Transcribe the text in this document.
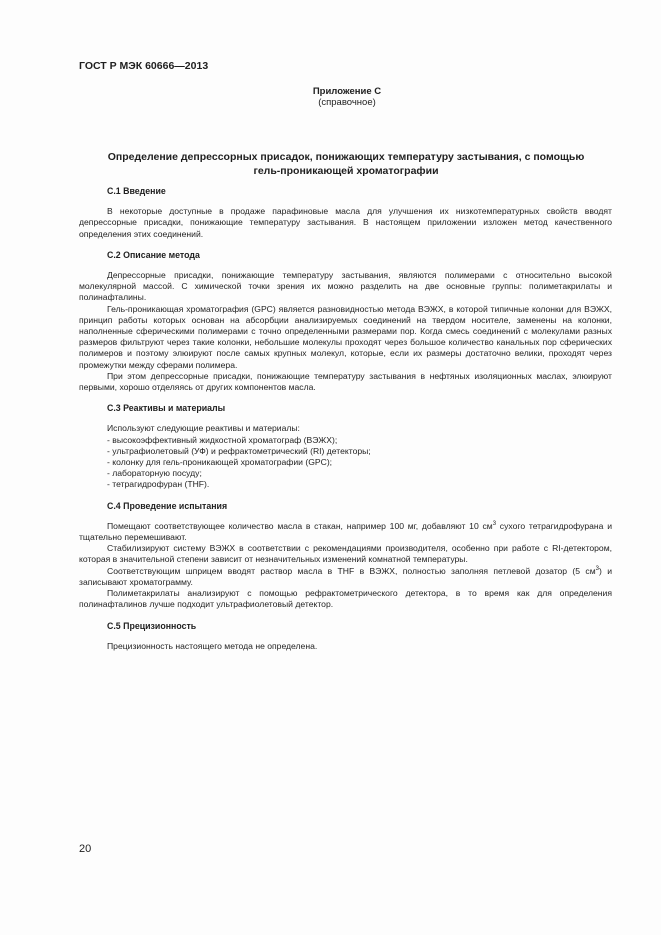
ГОСТ Р МЭК 60666—2013
Приложение С
(справочное)
Определение депрессорных присадок, понижающих температуру застывания, с помощью
гель-проникающей хроматографии
С.1 Введение

В некоторые доступные в продаже парафиновые масла для улучшения их низкотемпературных свойств вводят депрессорные присадки, понижающие температуру застывания. В настоящем приложении изложен метод качественного определения этих соединений.

С.2 Описание метода

Депрессорные присадки, понижающие температуру застывания, являются полимерами с относительно высокой молекулярной массой. С химической точки зрения их можно разделить на две основные группы: полиметакрилаты и полинафталины.

Гель-проникающая хроматография (GPC) является разновидностью метода ВЭЖХ, в которой типичные колонки для ВЭЖХ, принцип работы которых основан на абсорбции анализируемых соединений на твердом носителе, заменены на колонки, наполненные сферическими полимерами с точно определенными размерами пор. Когда смесь соединений с молекулами разных размеров фильтруют через такие колонки, небольшие молекулы проходят через большое количество канальных пор сферических полимеров и поэтому элюируют после самых крупных молекул, которые, если их размеры достаточно велики, проходят через промежутки между сферами полимера.

При этом депрессорные присадки, понижающие температуру застывания в нефтяных изоляционных маслах, элюируют первыми, хорошо отделяясь от других компонентов масла.

С.3 Реактивы и материалы

Используют следующие реактивы и материалы:

- высокоэффективный жидкостной хроматограф (ВЭЖХ);
- ультрафиолетовый (УФ) и рефрактометрический (RI) детекторы;
- колонку для гель-проникающей хроматографии (GPC);
- лабораторную посуду;
- тетрагидрофуран (THF).
С.4 Проведение испытания

Помещают соответствующее количество масла в стакан, например 100 мг, добавляют 10 $см^3$ сухого тетрагидрофурана и тщательно перемешивают.

Стабилизируют систему ВЭЖХ в соответствии с рекомендациями производителя, особенно при работе с RI-детектором, которая в значительной степени зависит от незначительных изменений комнатной температуры.

Соответствующим шприцем вводят раствор масла в THF в ВЭЖХ, полностью заполняя петлевой дозатор (5 $см^3$) и записывают хроматограмму.

Полиметакрилаты анализируют с помощью рефрактометрического детектора, в то время как для определения полинафталинов лучше подходит ультрафиолетовый детектор.

С.5 Прецизионность

Прецизионность настоящего метода не определена.

20
